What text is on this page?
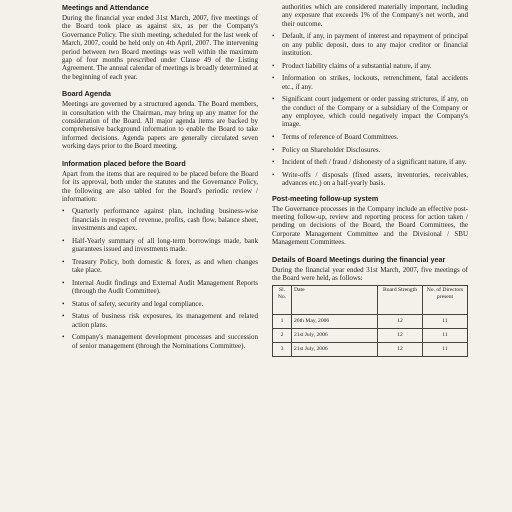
Meetings and Attendance

During the financial year ended 31st March, 2007, five meetings of the Board took place as against six, as per the Company's Governance Policy. The sixth meeting, scheduled for the last week of March, 2007, could be held only on 4th April, 2007. The intervening period between two Board meetings was well within the maximum gap of four months prescribed under Clause 49 of the Listing Agreement. The annual calendar of meetings is broadly determined at the beginning of each year.

Board Agenda

Meetings are governed by a structured agenda. The Board members, in consultation with the Chairman, may bring up any matter for the consideration of the Board. All major agenda items are backed by comprehensive background information to enable the Board to take informed decisions. Agenda papers are generally circulated seven working days prior to the Board meeting.

Information placed before the Board

Apart from the items that are required to be placed before the Board for its approval, both under the statutes and the Governance Policy, the following are also tabled for the Board's periodic review / information:

• Quarterly performance against plan, including business-wise financials in respect of revenue, profits, cash flow, balance sheet, investments and capex.
• Half-Yearly summary of all long-term borrowings made, bank guarantees issued and investments made.
• Treasury Policy, both domestic & forex, as and when changes take place.
• Internal Audit findings and External Audit Management Reports (through the Audit Committee).
• Status of safety, security and legal compliance.
• Status of business risk exposures, its management and related action plans.
• Company's management development processes and succession of senior management (through the Nominations Committee).

authorities which are considered materially important, including any exposure that exceeds 1% of the Company's net worth, and their outcome.

• Default, if any, in payment of interest and repayment of principal on any public deposit, dues to any major creditor or financial institution.
• Product liability claims of a substantial nature, if any.
• Information on strikes, lockouts, retrenchment, fatal accidents etc., if any.
• Significant court judgement or order passing strictures, if any, on the conduct of the Company or a subsidiary of the Company or any employee, which could negatively impact the Company's image.
• Terms of reference of Board Committees.
• Policy on Shareholder Disclosures.
• Incident of theft / fraud / dishonesty of a significant nature, if any.
• Write-offs / disposals (fixed assets, inventories, receivables, advances etc.) on a half-yearly basis.
Post-meeting follow-up system

The Governance processes in the Company include an effective post-meeting follow-up, review and reporting process for action taken / pending on decisions of the Board, the Board Committees, the Corporate Management Committee and the Divisional / SBU Management Committees.

Details of Board Meetings during the financial year

During the financial year ended 31st March, 2007, five meetings of the Board were held, as follows:

Sl. No.	Date	Board Strength	No. of Directors present
1	26th May, 2006	12	11
2	21st July, 2006	12	11
3	21st July, 2006	12	11
